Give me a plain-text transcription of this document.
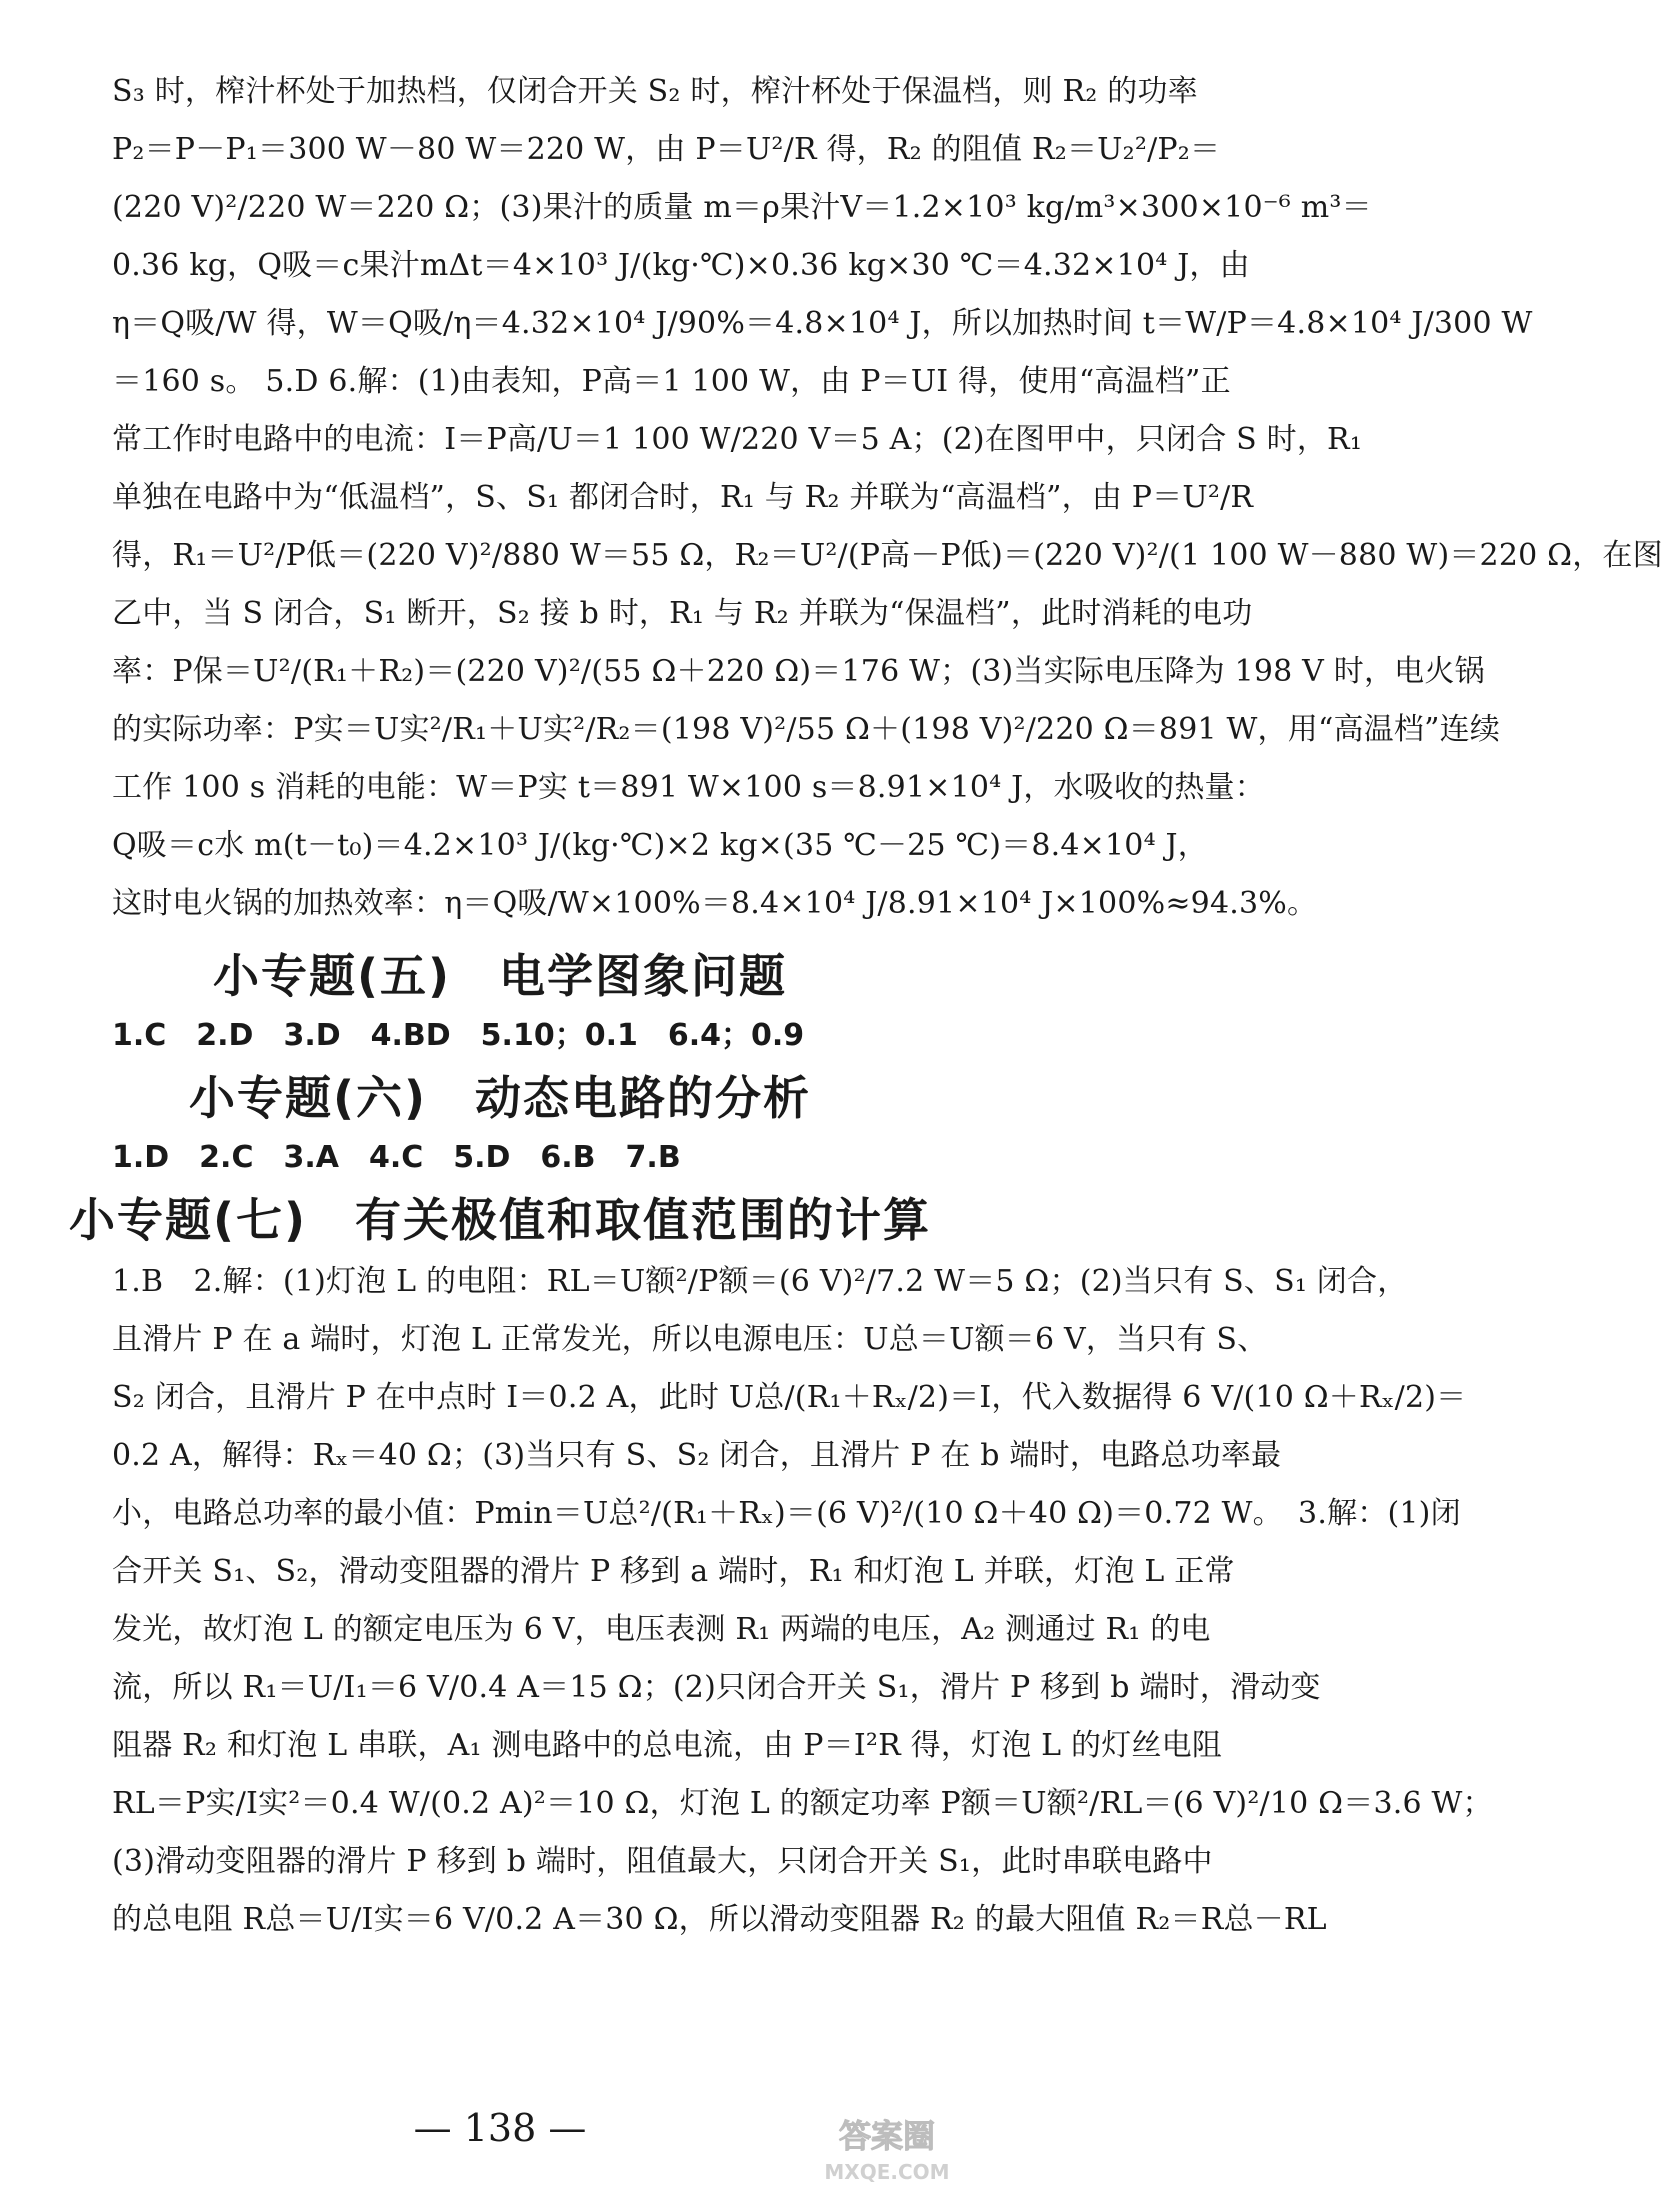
S₃ 时，榨汁杯处于加热档，仅闭合开关 S₂ 时，榨汁杯处于保温档，则 R₂ 的功率
P₂＝P－P₁＝300 W－80 W＝220 W，由 P＝U²/R 得，R₂ 的阻值 R₂＝U₂²/P₂＝
(220 V)²/220 W＝220 Ω；(3)果汁的质量 m＝ρ果汁V＝1.2×10³ kg/m³×300×10⁻⁶ m³＝
0.36 kg，Q吸＝c果汁mΔt＝4×10³ J/(kg·℃)×0.36 kg×30 ℃＝4.32×10⁴ J，由
η＝Q吸/W 得，W＝Q吸/η＝4.32×10⁴ J/90%＝4.8×10⁴ J，所以加热时间 t＝W/P＝4.8×10⁴ J/300 W
＝160 s。 5.D 6.解：(1)由表知，P高＝1 100 W，由 P＝UI 得，使用“高温档”正
常工作时电路中的电流：I＝P高/U＝1 100 W/220 V＝5 A；(2)在图甲中，只闭合 S 时，R₁
单独在电路中为“低温档”，S、S₁ 都闭合时，R₁ 与 R₂ 并联为“高温档”，由 P＝U²/R
得，R₁＝U²/P低＝(220 V)²/880 W＝55 Ω，R₂＝U²/(P高－P低)＝(220 V)²/(1 100 W－880 W)＝220 Ω，在图
乙中，当 S 闭合，S₁ 断开，S₂ 接 b 时，R₁ 与 R₂ 并联为“保温档”，此时消耗的电功
率：P保＝U²/(R₁＋R₂)＝(220 V)²/(55 Ω＋220 Ω)＝176 W；(3)当实际电压降为 198 V 时，电火锅
的实际功率：P实＝U实²/R₁＋U实²/R₂＝(198 V)²/55 Ω＋(198 V)²/220 Ω＝891 W，用“高温档”连续
工作 100 s 消耗的电能：W＝P实 t＝891 W×100 s＝8.91×10⁴ J，水吸收的热量：
Q吸＝c水 m(t－t₀)＝4.2×10³ J/(kg·℃)×2 kg×(35 ℃－25 ℃)＝8.4×10⁴ J，
这时电火锅的加热效率：η＝Q吸/W×100%＝8.4×10⁴ J/8.91×10⁴ J×100%≈94.3%。
小专题(五)　电学图象问题
1.C　2.D　3.D　4.BD　5.10；0.1　6.4；0.9
小专题(六)　动态电路的分析
1.D　2.C　3.A　4.C　5.D　6.B　7.B
小专题(七)　有关极值和取值范围的计算
1.B　2.解：(1)灯泡 L 的电阻：RL＝U额²/P额＝(6 V)²/7.2 W＝5 Ω；(2)当只有 S、S₁ 闭合，
且滑片 P 在 a 端时，灯泡 L 正常发光，所以电源电压：U总＝U额＝6 V，当只有 S、
S₂ 闭合，且滑片 P 在中点时 I＝0.2 A，此时 U总/(R₁＋Rₓ/2)＝I，代入数据得 6 V/(10 Ω＋Rₓ/2)＝
0.2 A，解得：Rₓ＝40 Ω；(3)当只有 S、S₂ 闭合，且滑片 P 在 b 端时，电路总功率最
小，电路总功率的最小值：Pmin＝U总²/(R₁＋Rₓ)＝(6 V)²/(10 Ω＋40 Ω)＝0.72 W。　3.解：(1)闭
合开关 S₁、S₂，滑动变阻器的滑片 P 移到 a 端时，R₁ 和灯泡 L 并联，灯泡 L 正常
发光，故灯泡 L 的额定电压为 6 V，电压表测 R₁ 两端的电压，A₂ 测通过 R₁ 的电
流，所以 R₁＝U/I₁＝6 V/0.4 A＝15 Ω；(2)只闭合开关 S₁，滑片 P 移到 b 端时，滑动变
阻器 R₂ 和灯泡 L 串联，A₁ 测电路中的总电流，由 P＝I²R 得，灯泡 L 的灯丝电阻
RL＝P实/I实²＝0.4 W/(0.2 A)²＝10 Ω，灯泡 L 的额定功率 P额＝U额²/RL＝(6 V)²/10 Ω＝3.6 W；
(3)滑动变阻器的滑片 P 移到 b 端时，阻值最大，只闭合开关 S₁，此时串联电路中
的总电阻 R总＝U/I实＝6 V/0.2 A＝30 Ω，所以滑动变阻器 R₂ 的最大阻值 R₂＝R总－RL
— 138 —	答案圈
MXQE.COM
